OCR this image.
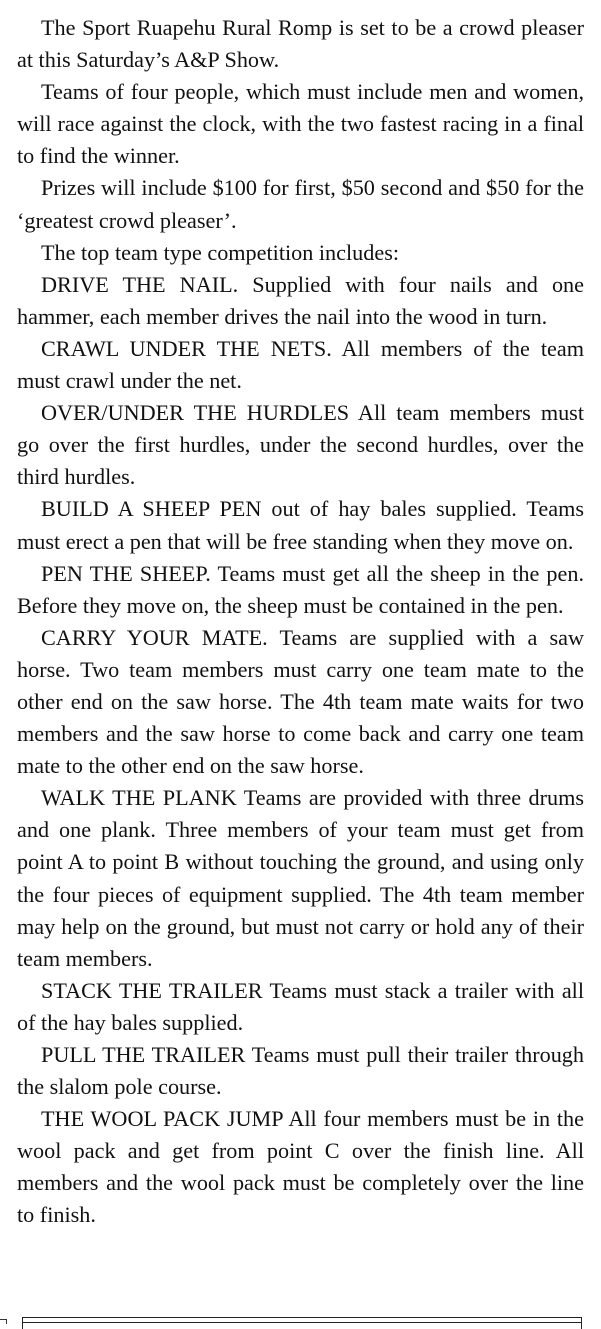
The Sport Ruapehu Rural Romp is set to be a crowd pleaser at this Saturday’s A&P Show.

Teams of four people, which must include men and women, will race against the clock, with the two fastest racing in a final to find the winner.

Prizes will include $100 for first, $50 second and $50 for the ‘greatest crowd pleaser’.

The top team type competition includes:

DRIVE THE NAIL. Supplied with four nails and one hammer, each member drives the nail into the wood in turn.

CRAWL UNDER THE NETS. All members of the team must crawl under the net.

OVER/UNDER THE HURDLES All team members must go over the first hurdles, under the second hurdles, over the third hurdles.

BUILD A SHEEP PEN out of hay bales supplied. Teams must erect a pen that will be free standing when they move on.

PEN THE SHEEP. Teams must get all the sheep in the pen. Before they move on, the sheep must be contained in the pen.

CARRY YOUR MATE. Teams are supplied with a saw horse. Two team members must carry one team mate to the other end on the saw horse. The 4th team mate waits for two members and the saw horse to come back and carry one team mate to the other end on the saw horse.

WALK THE PLANK Teams are provided with three drums and one plank. Three members of your team must get from point A to point B without touching the ground, and using only the four pieces of equipment supplied. The 4th team member may help on the ground, but must not carry or hold any of their team members.

STACK THE TRAILER Teams must stack a trailer with all of the hay bales supplied.

PULL THE TRAILER Teams must pull their trailer through the slalom pole course.

THE WOOL PACK JUMP All four members must be in the wool pack and get from point C over the finish line. All members and the wool pack must be completely over the line to finish.
